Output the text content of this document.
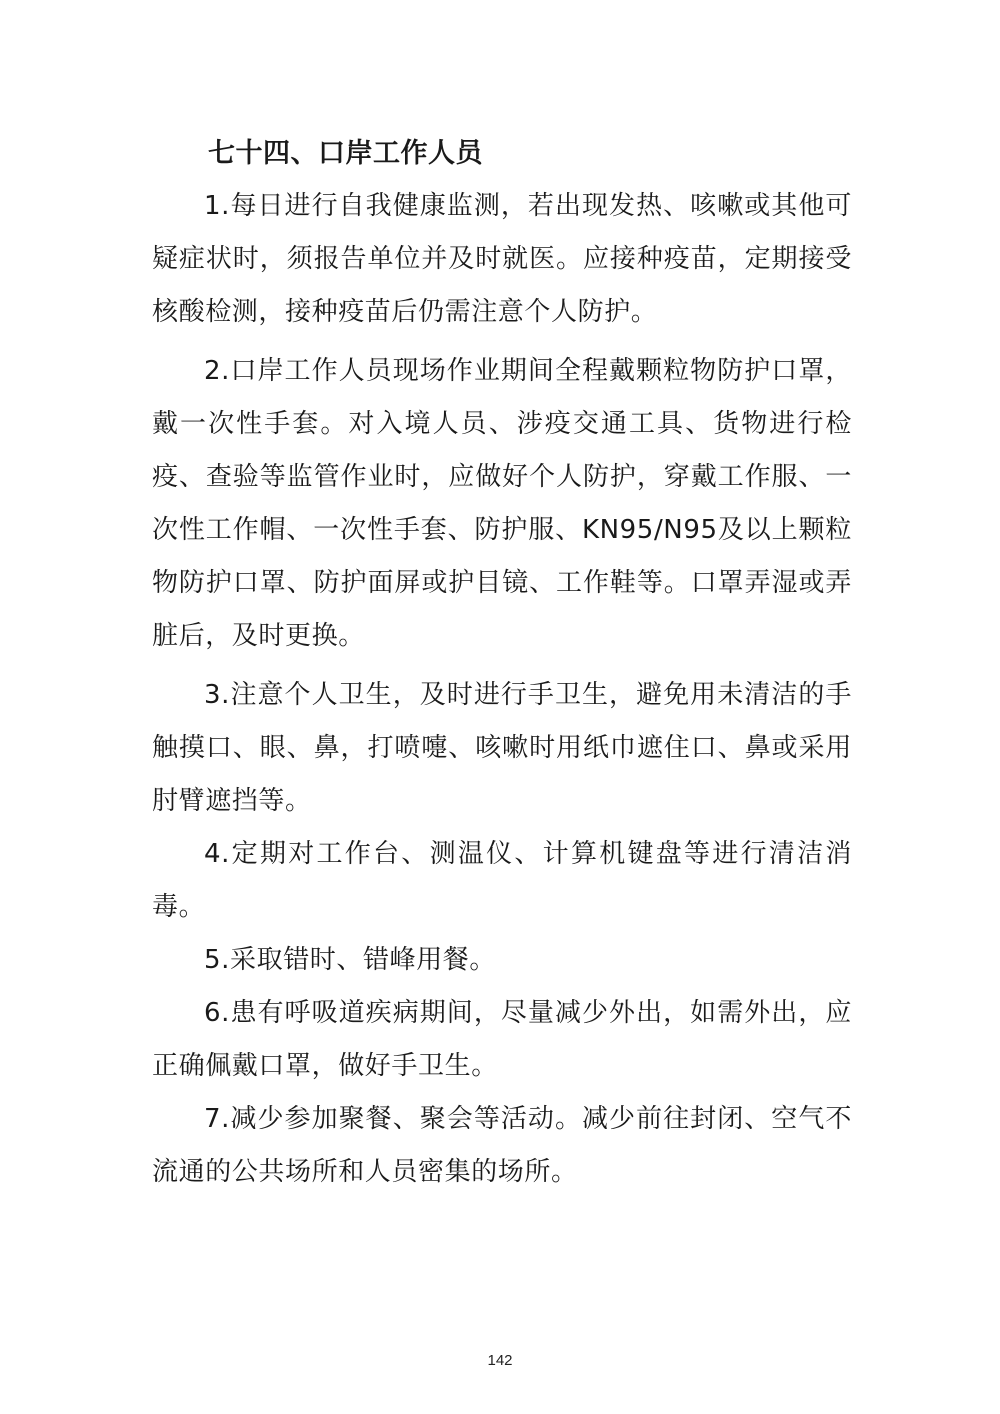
七十四、口岸工作人员

1.每日进行自我健康监测，若出现发热、咳嗽或其他可疑症状时，须报告单位并及时就医。应接种疫苗，定期接受核酸检测，接种疫苗后仍需注意个人防护。

2.口岸工作人员现场作业期间全程戴颗粒物防护口罩，戴一次性手套。对入境人员、涉疫交通工具、货物进行检疫、查验等监管作业时，应做好个人防护，穿戴工作服、一次性工作帽、一次性手套、防护服、KN95/N95及以上颗粒物防护口罩、防护面屏或护目镜、工作鞋等。口罩弄湿或弄脏后，及时更换。

3.注意个人卫生，及时进行手卫生，避免用未清洁的手触摸口、眼、鼻，打喷嚏、咳嗽时用纸巾遮住口、鼻或采用肘臂遮挡等。

4.定期对工作台、测温仪、计算机键盘等进行清洁消毒。

5.采取错时、错峰用餐。

6.患有呼吸道疾病期间，尽量减少外出，如需外出，应正确佩戴口罩，做好手卫生。

7.减少参加聚餐、聚会等活动。减少前往封闭、空气不流通的公共场所和人员密集的场所。

142
